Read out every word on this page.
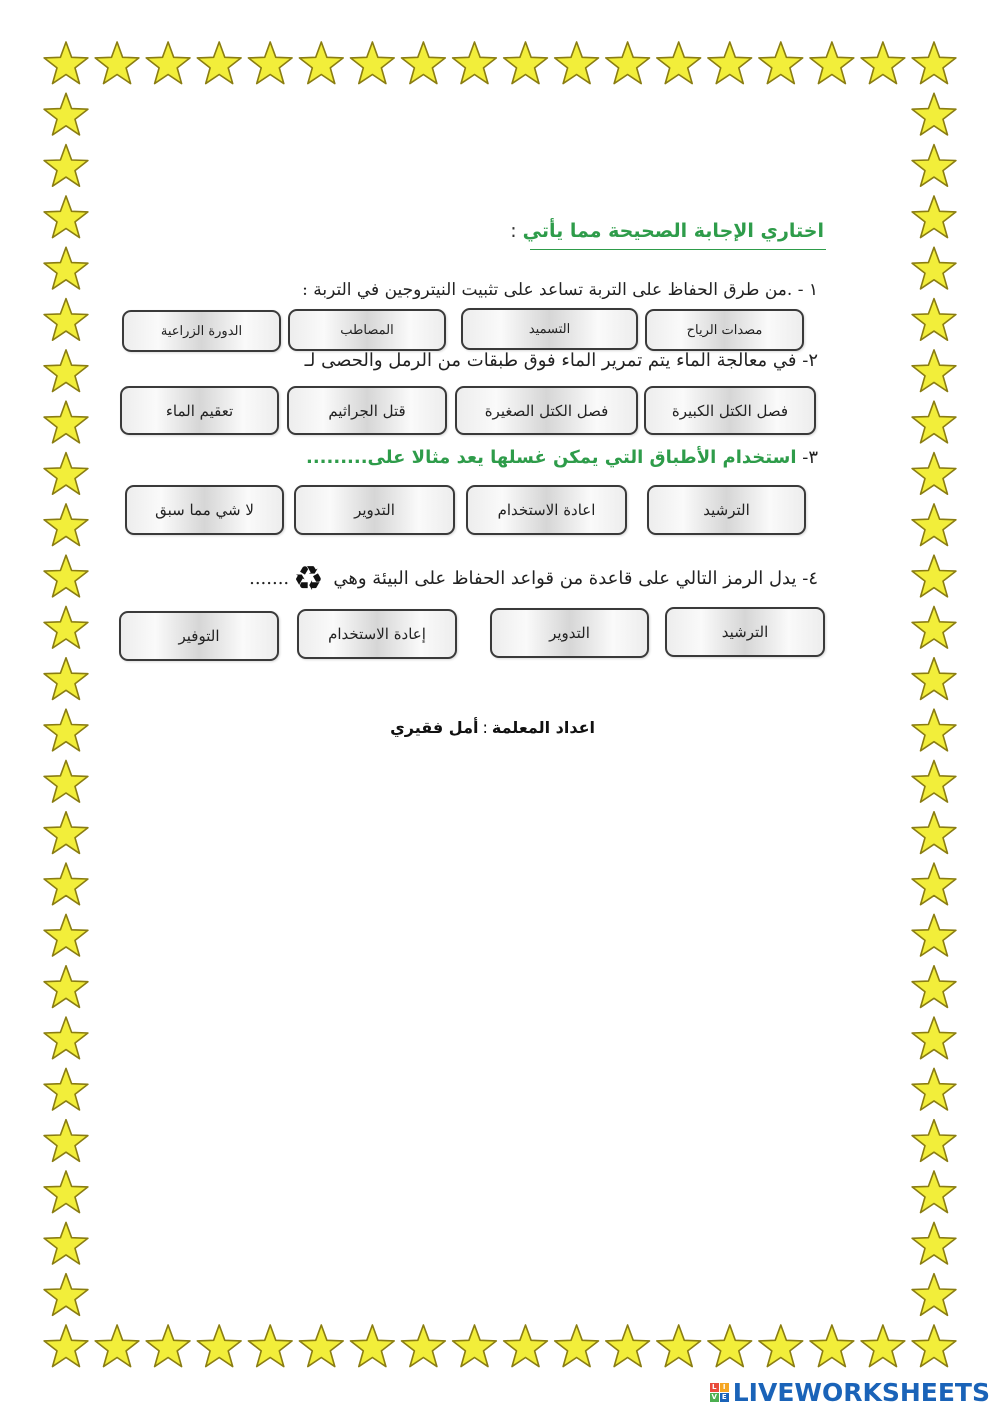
اختاري الإجابة الصحيحة مما يأتي:
١ - .من طرق الحفاظ على التربة تساعد على تثبيت النيتروجين في التربة :
مصدات الرياح
التسميد
المصاطب
الدورة الزراعية
٢- في معالجة الماء يتم تمرير الماء فوق طبقات من الرمل والحصى لـ
فصل الكتل الكبيرة
فصل الكتل الصغيرة
قتل الجراثيم
تعقيم الماء
٣- استخدام الأطباق التي يمكن غسلها يعد مثالا على.........
الترشيد
اعادة الاستخدام
التدوير
لا شي مما سبق
٤- يدل الرمز التالي على قاعدة من قواعد الحفاظ على البيئة وهي ♻.......
الترشيد
التدوير
إعادة الاستخدام
التوفير
اعداد المعلمة:أمل فقيري
L I
V E LIVEWORKSHEETS
